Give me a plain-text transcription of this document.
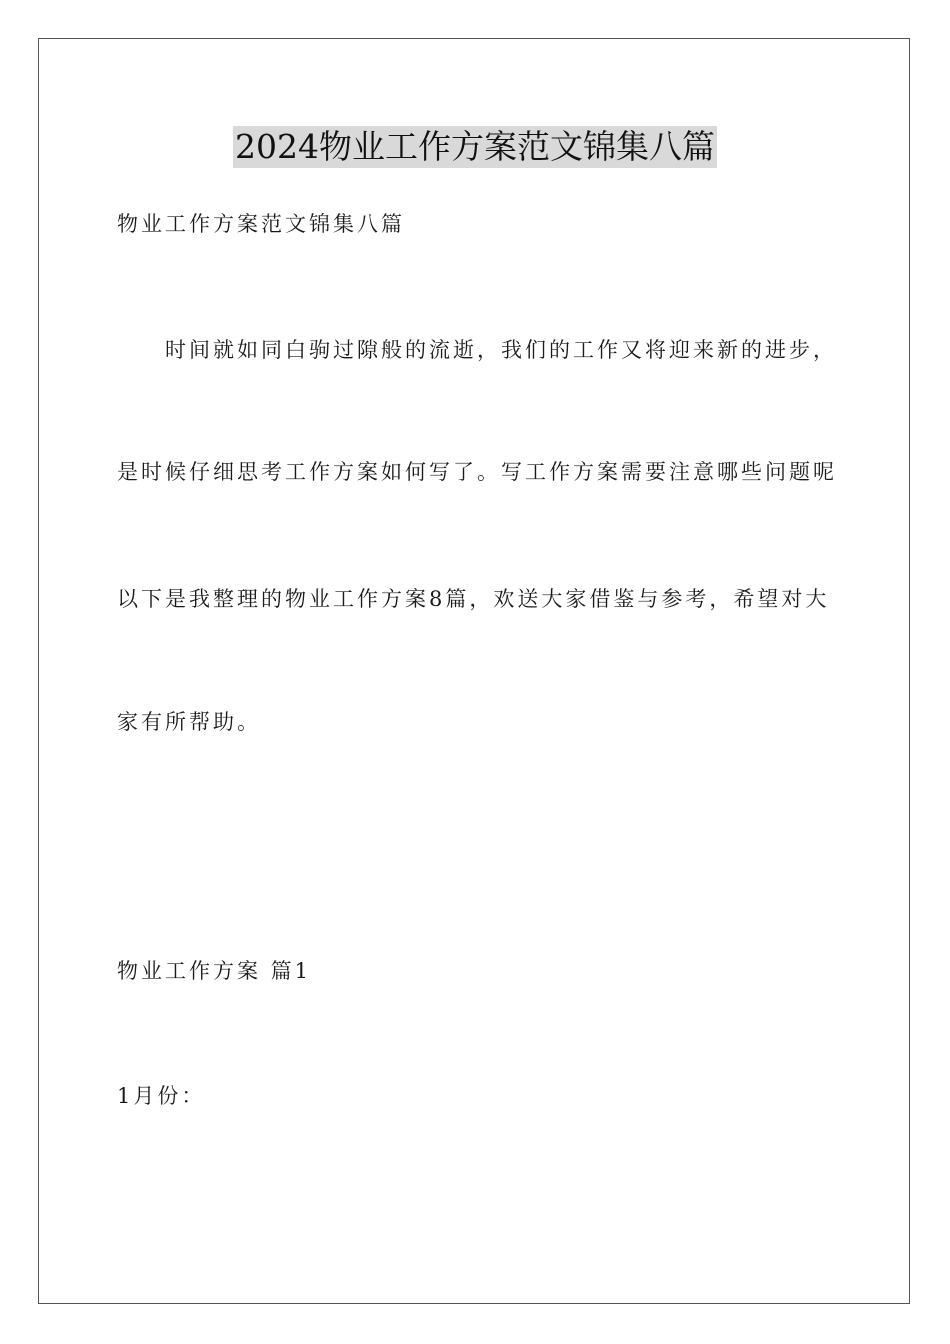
2024物业工作方案范文锦集八篇
物业工作方案范文锦集八篇
时间就如同白驹过隙般的流逝，我们的工作又将迎来新的进步，
是时候仔细思考工作方案如何写了。写工作方案需要注意哪些问题呢
以下是我整理的物业工作方案8篇，欢送大家借鉴与参考，希望对大
家有所帮助。
物业工作方案 篇1
1月份：
